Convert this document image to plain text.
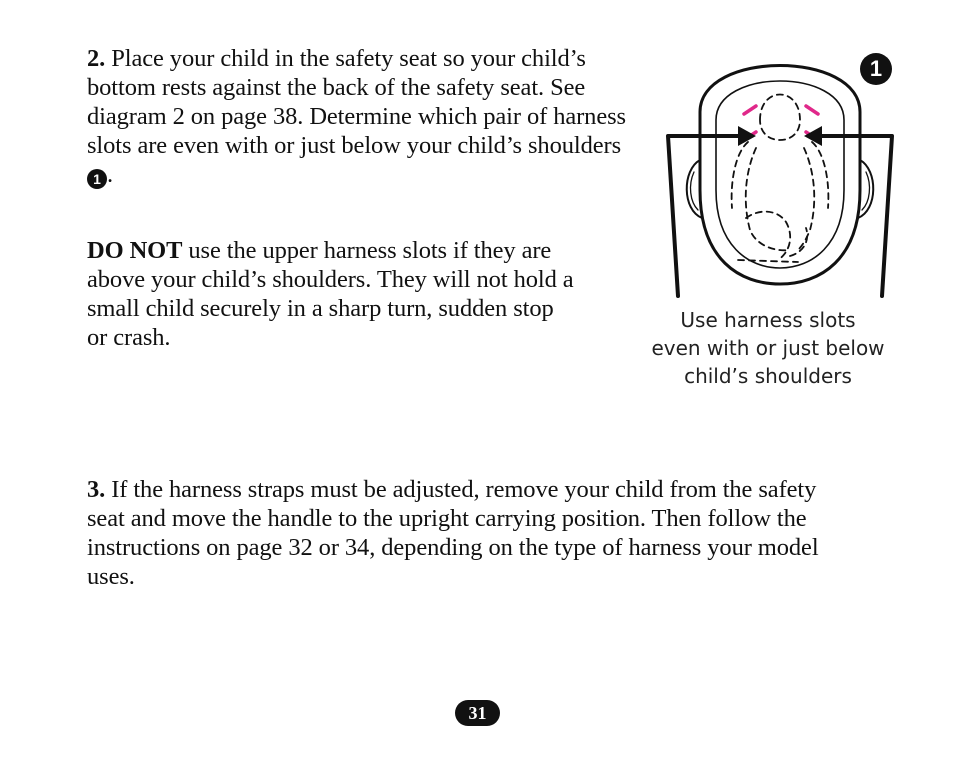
2. Place your child in the safety seat so your child’s bottom rests against the back of the safety seat. See diagram 2 on page 38. Determine which pair of harness slots are even with or just below your child’s shoulders 1 .

DO NOT use the upper harness slots if they are above your child’s shoulders. They will not hold a small child securely in a sharp turn, sudden stop or crash.

1

Use harness slots
even with or just below
child’s shoulders

3. If the harness straps must be adjusted, remove your child from the safety seat and move the handle to the upright carrying position. Then follow the instructions on page 32 or 34, depending on the type of harness your model uses.

31
